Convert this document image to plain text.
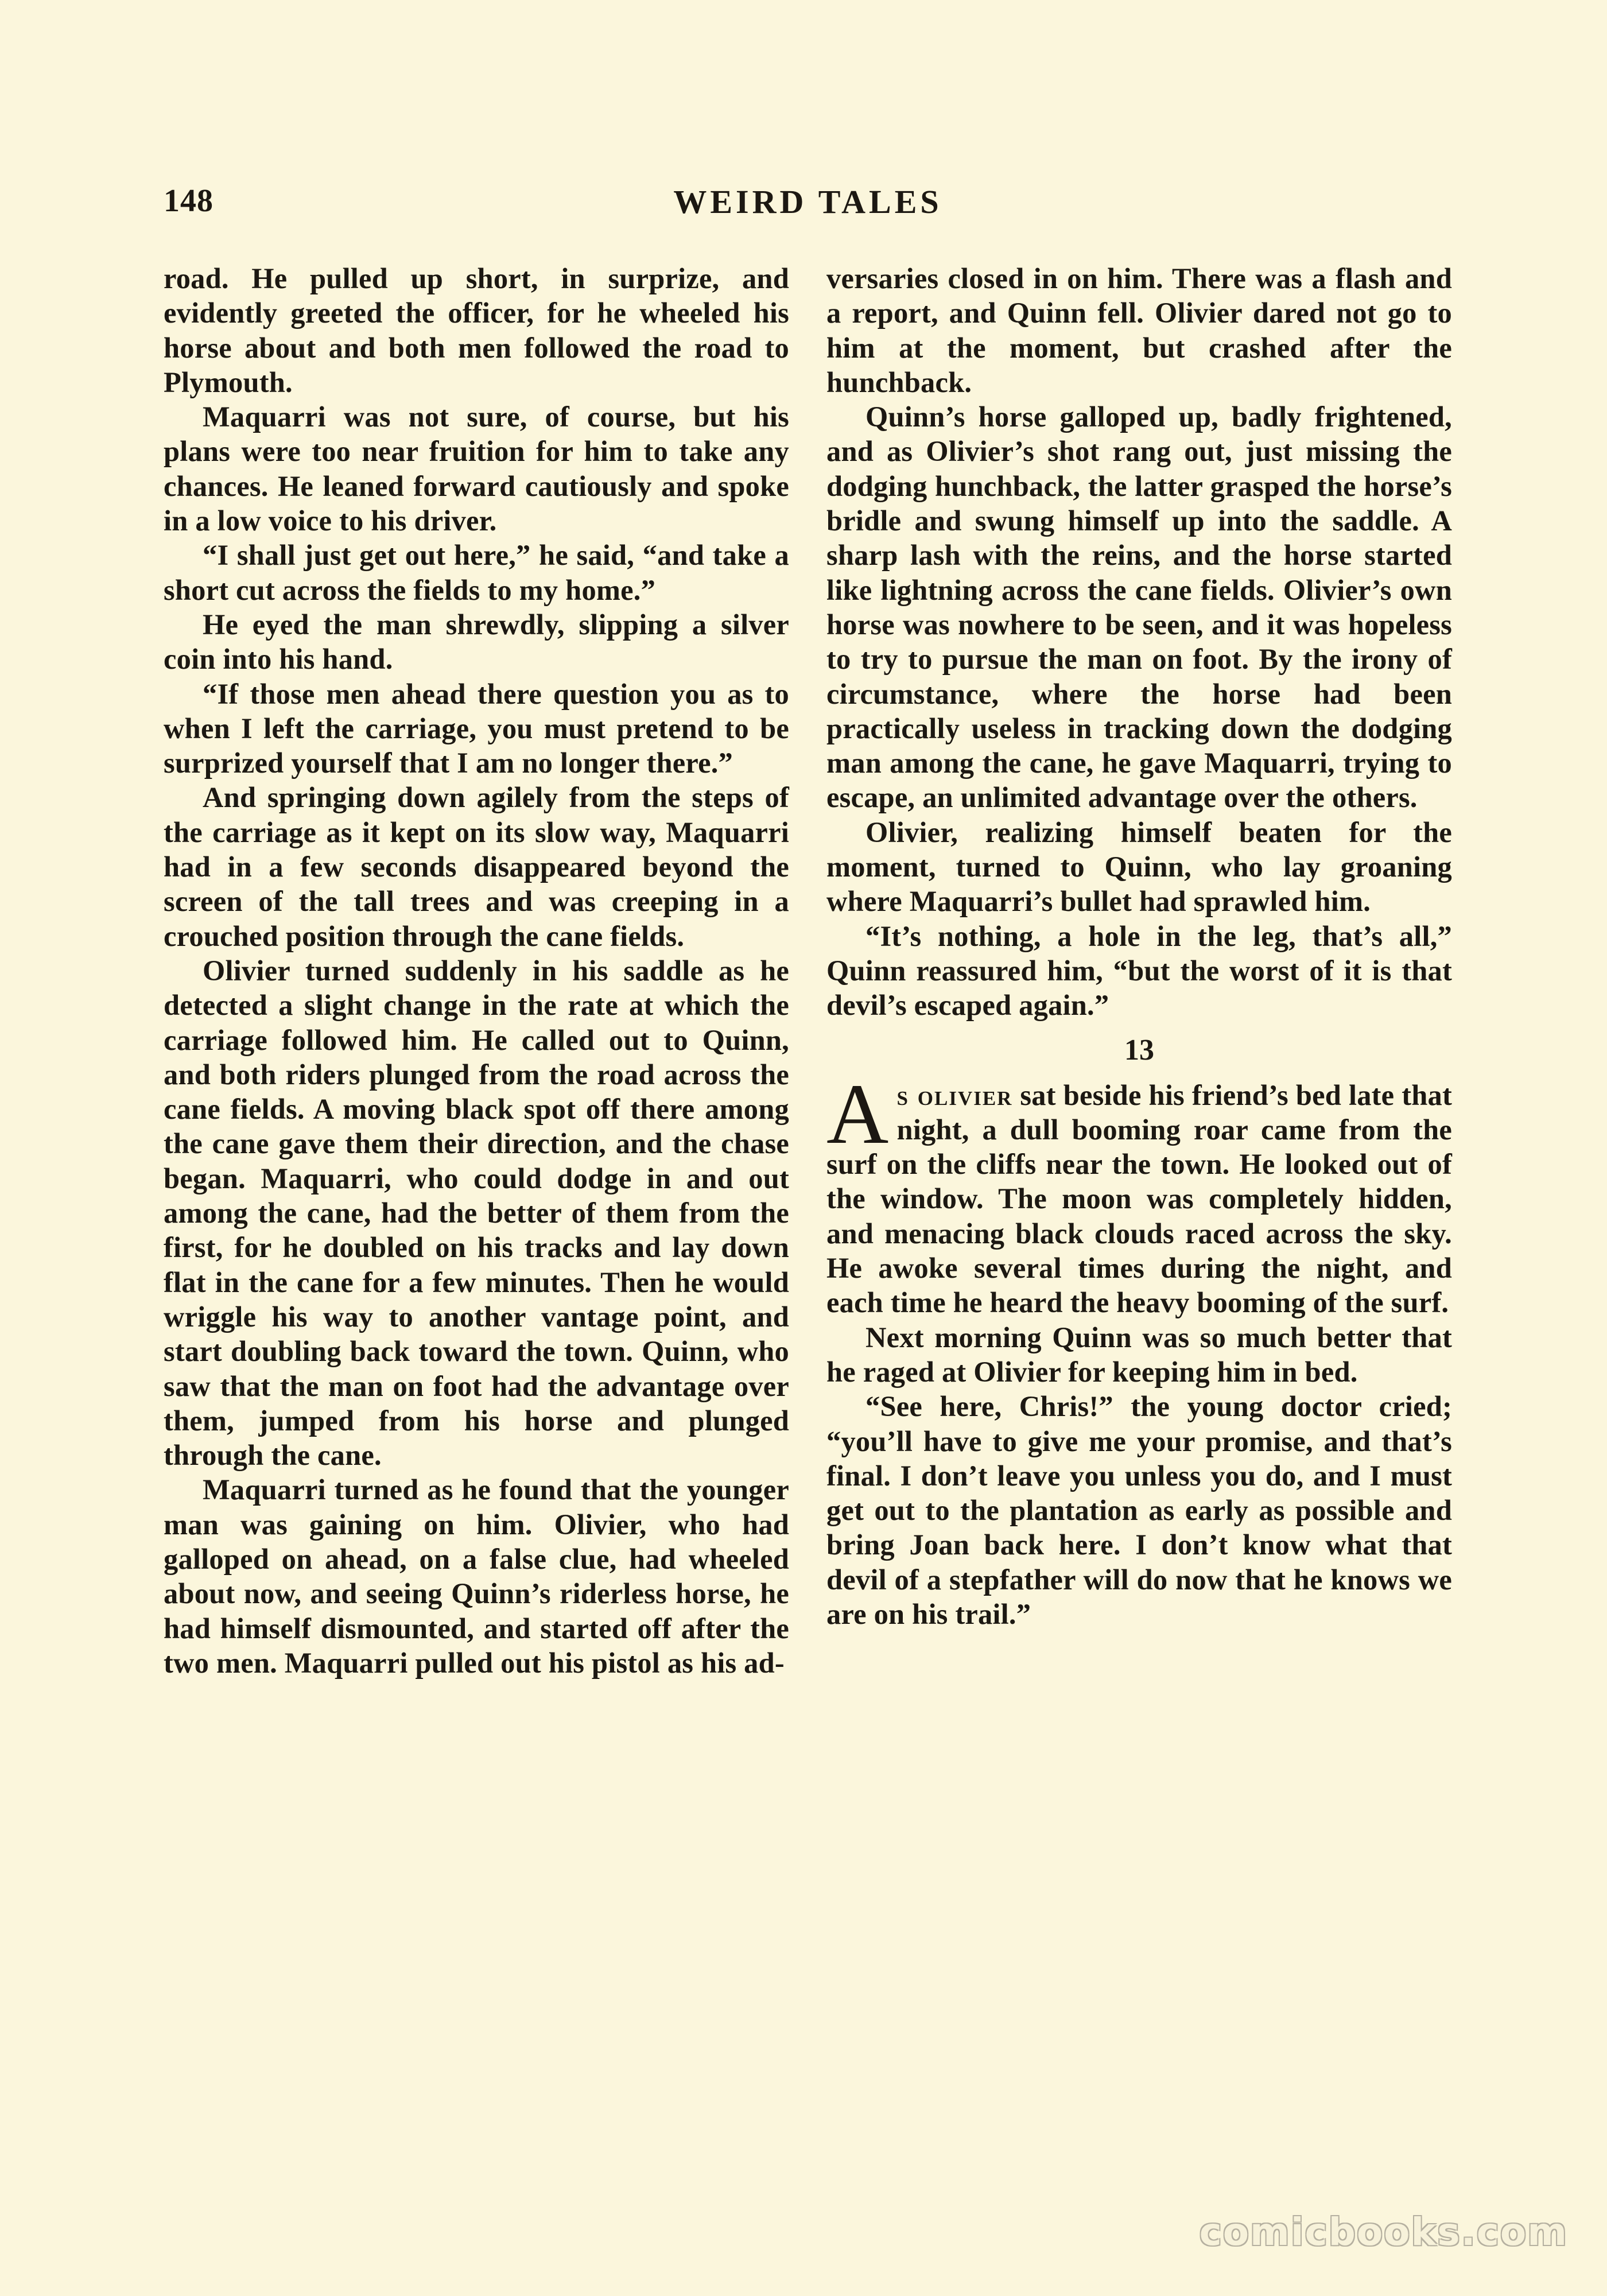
148	WEIRD TALES

road. He pulled up short, in surprize, and evidently greeted the officer, for he wheeled his horse about and both men followed the road to Plymouth.

Maquarri was not sure, of course, but his plans were too near fruition for him to take any chances. He leaned forward cautiously and spoke in a low voice to his driver.

“I shall just get out here,” he said, “and take a short cut across the fields to my home.”

He eyed the man shrewdly, slipping a silver coin into his hand.

“If those men ahead there question you as to when I left the carriage, you must pretend to be surprized yourself that I am no longer there.”

And springing down agilely from the steps of the carriage as it kept on its slow way, Maquarri had in a few seconds disappeared beyond the screen of the tall trees and was creeping in a crouched position through the cane fields.

Olivier turned suddenly in his saddle as he detected a slight change in the rate at which the carriage followed him. He called out to Quinn, and both riders plunged from the road across the cane fields. A moving black spot off there among the cane gave them their direction, and the chase began. Maquarri, who could dodge in and out among the cane, had the better of them from the first, for he doubled on his tracks and lay down flat in the cane for a few minutes. Then he would wriggle his way to another vantage point, and start doubling back toward the town. Quinn, who saw that the man on foot had the advantage over them, jumped from his horse and plunged through the cane.

Maquarri turned as he found that the younger man was gaining on him. Olivier, who had galloped on ahead, on a false clue, had wheeled about now, and seeing Quinn’s riderless horse, he had himself dismounted, and started off after the two men. Maquarri pulled out his pistol as his ad-

versaries closed in on him. There was a flash and a report, and Quinn fell. Olivier dared not go to him at the moment, but crashed after the hunchback.

Quinn’s horse galloped up, badly frightened, and as Olivier’s shot rang out, just missing the dodging hunchback, the latter grasped the horse’s bridle and swung himself up into the saddle. A sharp lash with the reins, and the horse started like lightning across the cane fields. Olivier’s own horse was nowhere to be seen, and it was hopeless to try to pursue the man on foot. By the irony of circumstance, where the horse had been practically useless in tracking down the dodging man among the cane, he gave Maquarri, trying to escape, an unlimited advantage over the others.

Olivier, realizing himself beaten for the moment, turned to Quinn, who lay groaning where Maquarri’s bullet had sprawled him.

“It’s nothing, a hole in the leg, that’s all,” Quinn reassured him, “but the worst of it is that devil’s escaped again.”

13

As olivier sat beside his friend’s bed late that night, a dull booming roar came from the surf on the cliffs near the town. He looked out of the window. The moon was completely hidden, and menacing black clouds raced across the sky. He awoke several times during the night, and each time he heard the heavy booming of the surf.

Next morning Quinn was so much better that he raged at Olivier for keeping him in bed.

“See here, Chris!” the young doctor cried; “you’ll have to give me your promise, and that’s final. I don’t leave you unless you do, and I must get out to the plantation as early as possible and bring Joan back here. I don’t know what that devil of a stepfather will do now that he knows we are on his trail.”

comicbooks.com
